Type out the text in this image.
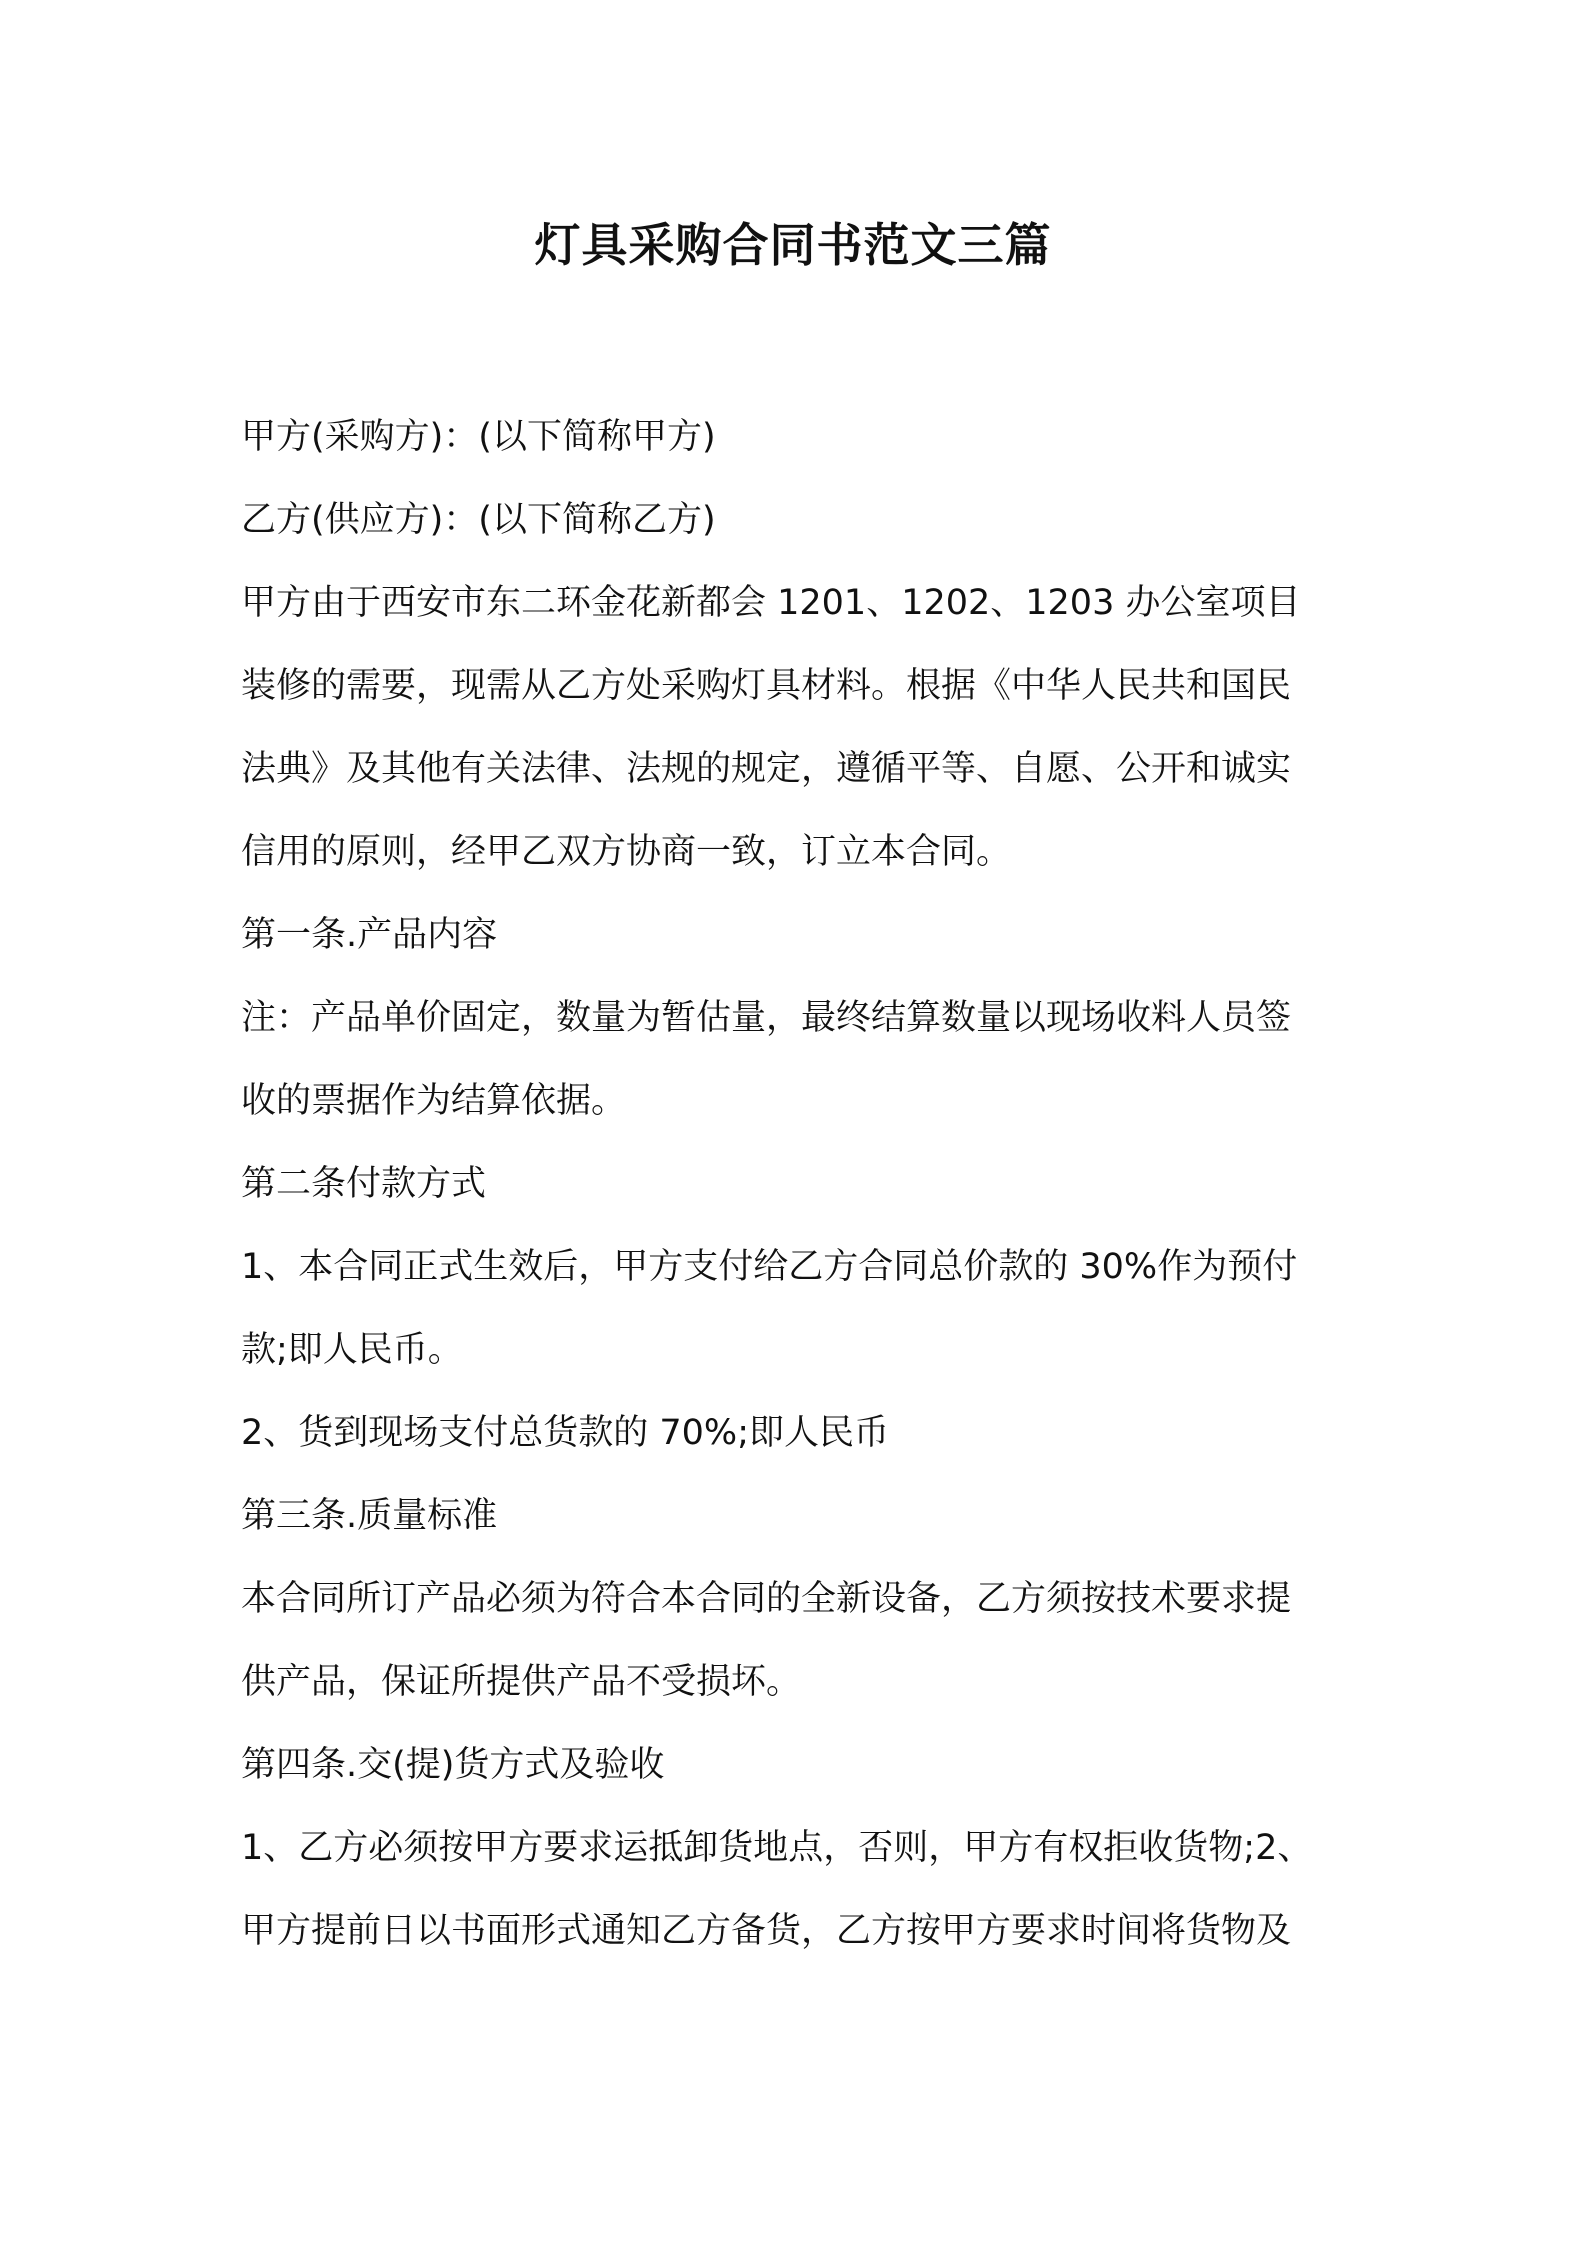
灯具采购合同书范文三篇
甲方(采购方)：(以下简称甲方)
乙方(供应方)：(以下简称乙方)
甲方由于西安市东二环金花新都会 1201、1202、1203 办公室项目
装修的需要，现需从乙方处采购灯具材料。根据《中华人民共和国民
法典》及其他有关法律、法规的规定，遵循平等、自愿、公开和诚实
信用的原则，经甲乙双方协商一致，订立本合同。
第一条.产品内容
注：产品单价固定，数量为暂估量，最终结算数量以现场收料人员签
收的票据作为结算依据。
第二条付款方式
1、本合同正式生效后，甲方支付给乙方合同总价款的 30%作为预付
款;即人民币。
2、货到现场支付总货款的 70%;即人民币
第三条.质量标准
本合同所订产品必须为符合本合同的全新设备，乙方须按技术要求提
供产品，保证所提供产品不受损坏。
第四条.交(提)货方式及验收
1、乙方必须按甲方要求运抵卸货地点，否则，甲方有权拒收货物;2、
甲方提前日以书面形式通知乙方备货，乙方按甲方要求时间将货物及
